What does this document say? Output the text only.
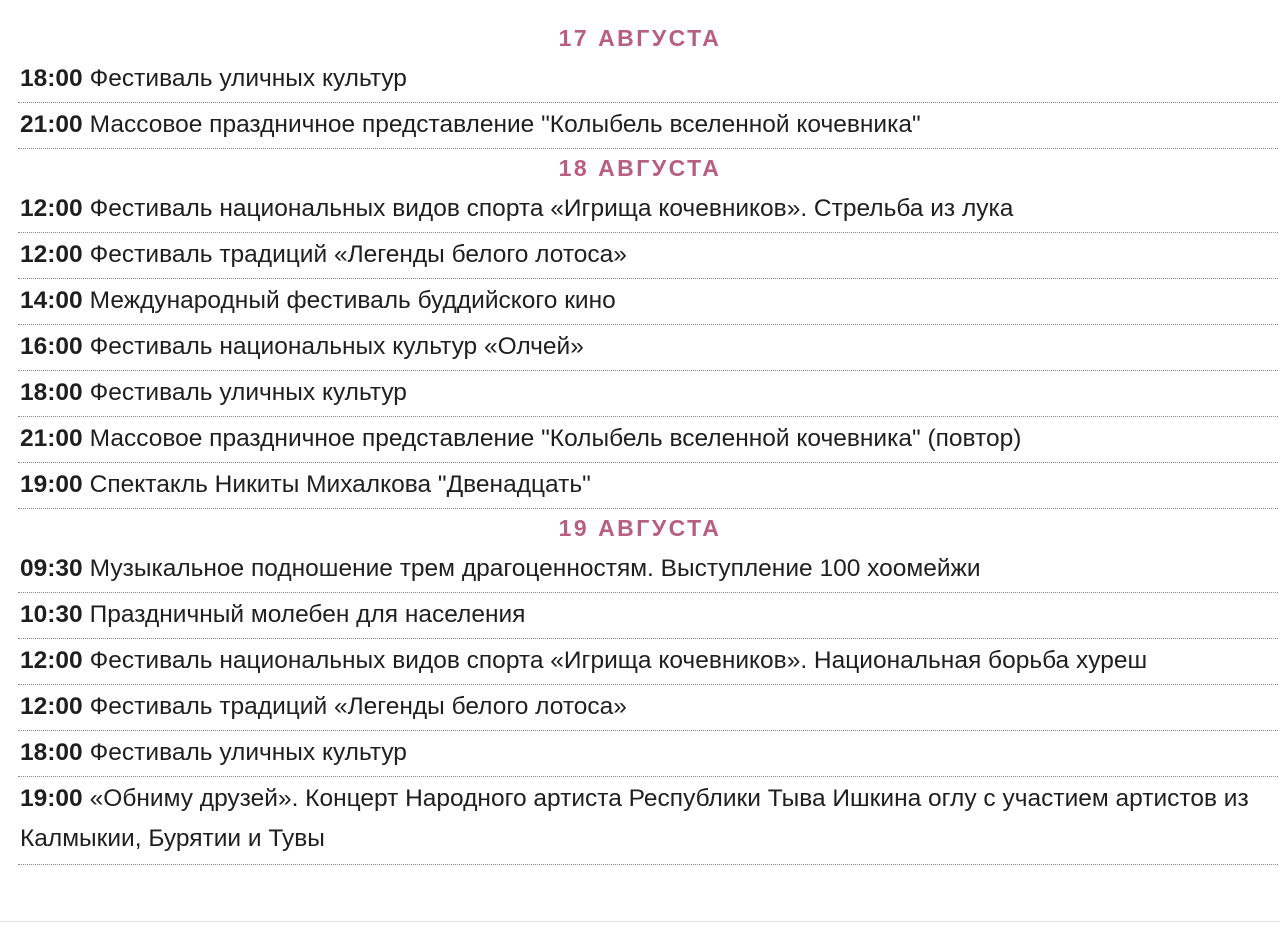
17 АВГУСТА
18:00 Фестиваль уличных культур
21:00 Массовое праздничное представление "Колыбель вселенной кочевника"
18 АВГУСТА
12:00 Фестиваль национальных видов спорта «Игрища кочевников». Стрельба из лука
12:00 Фестиваль традиций «Легенды белого лотоса»
14:00 Международный фестиваль буддийского кино
16:00 Фестиваль национальных культур «Олчей»
18:00 Фестиваль уличных культур
21:00 Массовое праздничное представление "Колыбель вселенной кочевника" (повтор)
19:00 Спектакль Никиты Михалкова "Двенадцать"
19 АВГУСТА
09:30 Музыкальное подношение трем драгоценностям. Выступление 100 хоомейжи
10:30 Праздничный молебен для населения
12:00 Фестиваль национальных видов спорта «Игрища кочевников». Национальная борьба хуреш
12:00 Фестиваль традиций «Легенды белого лотоса»
18:00 Фестиваль уличных культур
19:00 «Обниму друзей». Концерт Народного артиста Республики Тыва Ишкина оглу с участием артистов из Калмыкии, Бурятии и Тувы
